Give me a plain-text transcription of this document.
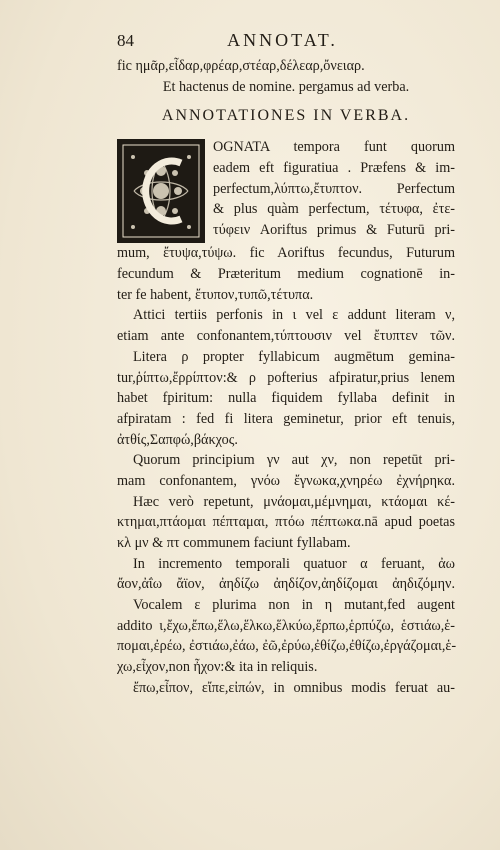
84	ANNOTAT.
fic ημᾶρ,εἶδαρ,φρέαρ,στέαρ,δέλεαρ,ὄνειαρ.
Et hactenus de nomine. pergamus ad verba.
ANNOTATIONES IN VERBA.
OGNATA tempora funt quorum
eadem eft figuratiua . Præfens & im-
perfectum,λύπτω,ἔτυπτον. Perfectum
& plus quàm perfectum, τέτυφα, ἐτε-
τύφειν Aoriftus primus & Futurū pri-
mum, ἔτυψα,τύψω. fic Aoriftus fecundus, Futurum
fecundum & Præteritum medium cognationē in-
ter fe habent, ἔτυπον,τυπῶ,τέτυπα.
Attici tertiis perfonis in ι vel ε addunt literam ν,
etiam ante confonantem,τύπτουσιν vel ἔτυπτεν τῶν.
Litera ρ propter fyllabicum augmētum gemina-
tur,ῥίπτω,ἔρρίπτον:& ρ pofterius afpiratur,prius lenem
habet fpiritum: nulla fiquidem fyllaba definit in
afpiratam : fed fi litera geminetur, prior eft tenuis,
ἀτθίς,Σαπφώ,βάκχος.
Quorum principium γν aut χν, non repetūt pri-
mam confonantem, γνόω ἔγνωκα,χνηρέω ἐχνήρηκα.
Hæc verò repetunt, μνάομαι,μέμνημαι, κτάομαι κέ-
κτημαι,πτάομαι πέπταμαι, πτόω πέπτωκα.nā apud poetas
κλ μν & πτ communem faciunt fyllabam.
In incremento temporali quatuor α feruant, ἀω
ἄον,ἀΐω ἄϊον, ἀηδίζω ἀηδίζον,ἀηδίζομαι ἀηδιζόμην.
Vocalem ε plurima non in η mutant,fed augent
addito ι,ἔχω,ἔπω,ἕλω,ἕλκω,ἕλκύω,ἕρπω,ἑρπύζω, ἑστιάω,ἑ-
πομαι,ἐρέω, ἐστιάω,ἐάω, ἐῶ,ἐρύω,ἐθίζω,ἐθίζω,ἐργάζομαι,ἑ-
χω,εἶχον,non ἦχον:& ita in reliquis.
ἔπω,εἶπον, εἴπε,εἰπών, in omnibus modis feruat au-
